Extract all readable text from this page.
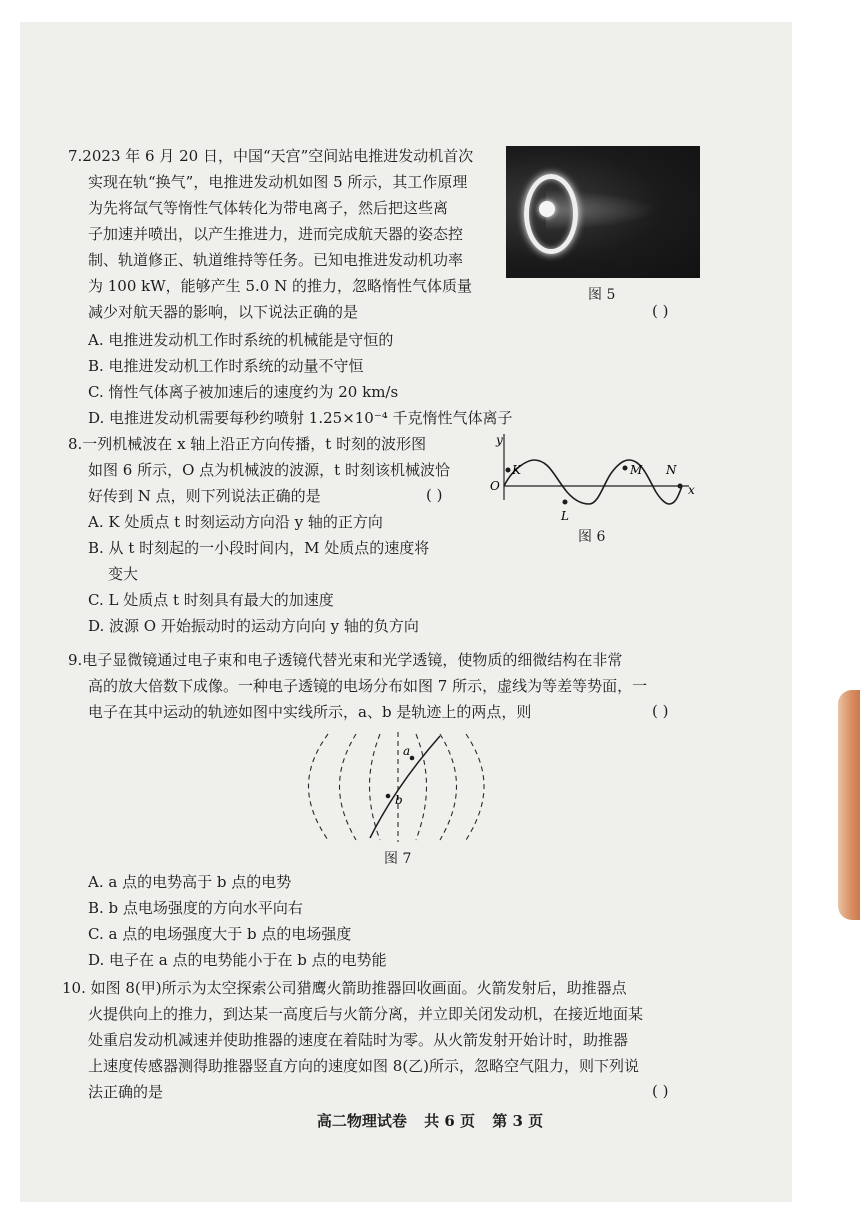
7.2023 年 6 月 20 日，中国“天宫”空间站电推进发动机首次
实现在轨“换气”，电推进发动机如图 5 所示，其工作原理
为先将氙气等惰性气体转化为带电离子，然后把这些离
子加速并喷出，以产生推进力，进而完成航天器的姿态控
制、轨道修正、轨道维持等任务。已知电推进发动机功率
为 100 kW，能够产生 5.0 N 的推力，忽略惰性气体质量
减少对航天器的影响，以下说法正确的是	( )
图 5
A. 电推进发动机工作时系统的机械能是守恒的
B. 电推进发动机工作时系统的动量不守恒
C. 惰性气体离子被加速后的速度约为 20 km/s
D. 电推进发动机需要每秒约喷射 1.25×10⁻⁴ 千克惰性气体离子
8.一列机械波在 x 轴上沿正方向传播，t 时刻的波形图
如图 6 所示，O 点为机械波的波源，t 时刻该机械波恰
好传到 N 点，则下列说法正确的是	( )
A. K 处质点 t 时刻运动方向沿 y 轴的正方向
B. 从 t 时刻起的一小段时间内，M 处质点的速度将
变大
C. L 处质点 t 时刻具有最大的加速度
D. 波源 O 开始振动时的运动方向向 y 轴的负方向
y
x
O
K	M N
L
图 6
9.电子显微镜通过电子束和电子透镜代替光束和光学透镜，使物质的细微结构在非常
高的放大倍数下成像。一种电子透镜的电场分布如图 7 所示，虚线为等差等势面，一
电子在其中运动的轨迹如图中实线所示，a、b 是轨迹上的两点，则	( )
a
b
图 7
A. a 点的电势高于 b 点的电势
B. b 点电场强度的方向水平向右
C. a 点的电场强度大于 b 点的电场强度
D. 电子在 a 点的电势能小于在 b 点的电势能
10. 如图 8(甲)所示为太空探索公司猎鹰火箭助推器回收画面。火箭发射后，助推器点
火提供向上的推力，到达某一高度后与火箭分离，并立即关闭发动机，在接近地面某
处重启发动机减速并使助推器的速度在着陆时为零。从火箭发射开始计时，助推器
上速度传感器测得助推器竖直方向的速度如图 8(乙)所示，忽略空气阻力，则下列说
法正确的是	( )
高二物理试卷 共 6 页 第 3 页
